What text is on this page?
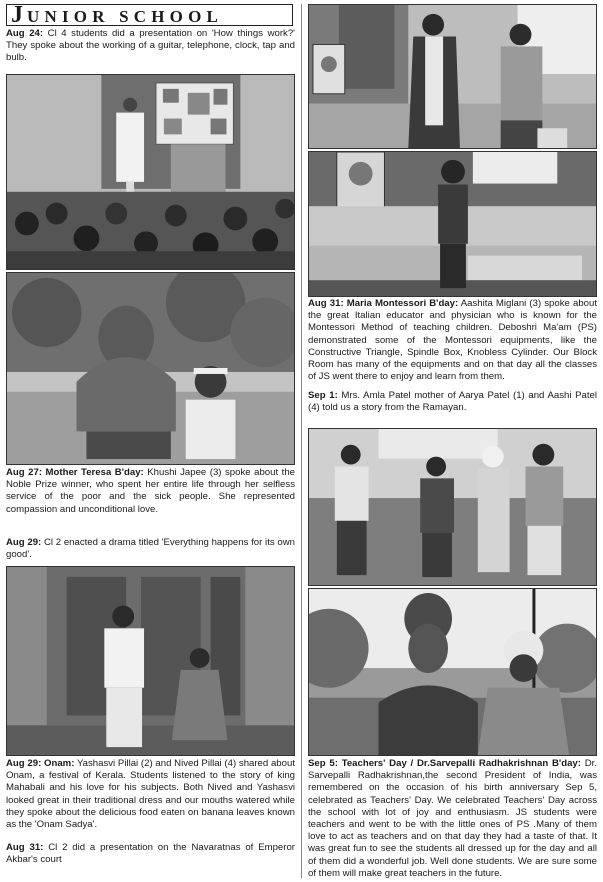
JUNIOR SCHOOL

Aug 24: Cl 4 students did a presentation on 'How things work?' They spoke about the working of a guitar, telephone, clock, tap and bulb.

Aug 27: Mother Teresa B'day: Khushi Japee (3) spoke about the Noble Prize winner, who spent her entire life through her selfless service of the poor and the sick people. She represented compassion and unconditional love.

Aug 29: Cl 2 enacted a drama titled 'Everything happens for its own good'.

Aug 29: Onam: Yashasvi Pillai (2) and Nived Pillai (4) shared about Onam, a festival of Kerala. Students listened to the story of king Mahabali and his love for his subjects. Both Nived and Yashasvi looked great in their traditional dress and our mouths watered while they spoke about the delicious food eaten on banana leaves known as the 'Onam Sadya'.

Aug 31: Cl 2 did a presentation on the Navaratnas of Emperor Akbar's court

Aug 31: Maria Montessori B'day: Aashita Miglani (3) spoke about the great Italian educator and physician who is known for the Montessori Method of teaching children. Deboshri Ma'am (PS) demonstrated some of the Montessori equipments, like the Constructive Triangle, Spindle Box, Knobless Cylinder. Our Block Room has many of the equipments and on that day all the classes of JS went there to enjoy and learn from them.

Sep 1: Mrs. Amla Patel mother of Aarya Patel (1) and Aashi Patel (4) told us a story from the Ramayan.

Sep 5: Teachers' Day / Dr.Sarvepalli Radhakrishnan B'day: Dr. Sarvepalli Radhakrishnan,the second President of India, was remembered on the occasion of his birth anniversary Sep 5, celebrated as Teachers' Day. We celebrated Teachers' Day across the school with lot of joy and enthusiasm. JS students were teachers and went to be with the little ones of PS .Many of them love to act as teachers and on that day they had a taste of that. It was great fun to see the students all dressed up for the day and all of them did a wonderful job. Well done students. We are sure some of them will make great teachers in the future.
